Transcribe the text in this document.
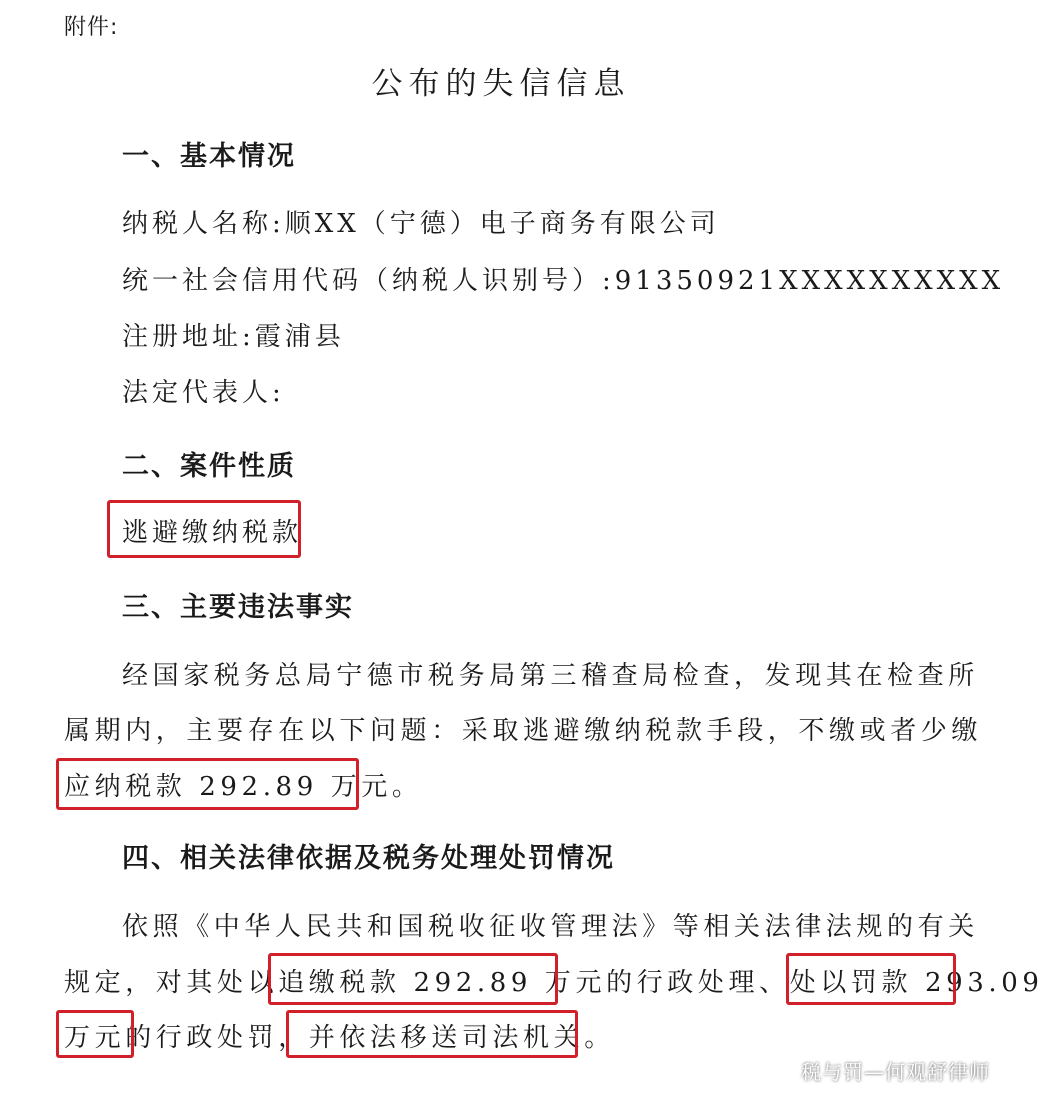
附件:
公布的失信信息
一、基本情况
纳税人名称:顺XX（宁德）电子商务有限公司
统一社会信用代码（纳税人识别号）:91350921XXXXXXXXXX
注册地址:霞浦县
法定代表人:
二、案件性质
逃避缴纳税款
三、主要违法事实
经国家税务总局宁德市税务局第三稽查局检查，发现其在检查所
属期内，主要存在以下问题：采取逃避缴纳税款手段，不缴或者少缴
应纳税款 292.89 万元。
四、相关法律依据及税务处理处罚情况
依照《中华人民共和国税收征收管理法》等相关法律法规的有关
规定，对其处以追缴税款 292.89 万元的行政处理、处以罚款 293.09
万元的行政处罚，并依法移送司法机关。
税与罚—何观舒律师
